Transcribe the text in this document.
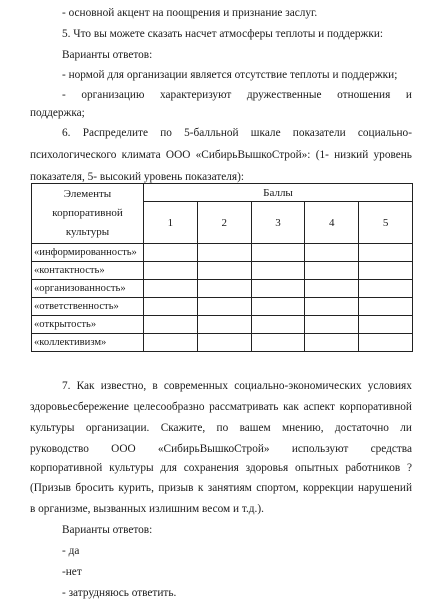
- основной акцент на поощрения и признание заслуг.
5. Что вы можете сказать насчет атмосферы теплоты и поддержки:
Варианты ответов:
- нормой для организации является отсутствие теплоты и поддержки;
- организацию характеризуют дружественные отношения и
поддержка;
6. Распределите по 5-балльной шкале показатели социально-
психологического климата ООО «СибирьВышкоСтрой»: (1- низкий уровень
Элементы
корпоративной
культуры	Баллы				
	1	2	3	4	5

«информированность»					
«контактность»					
«организованность»					
«ответственность»					
«открытость»					
«коллективизм»					
7. Как известно, в современных социально-экономических условиях
здоровьесбережение целесообразно рассматривать как аспект корпоративной
культуры организации. Скажите, по вашем мнению, достаточно ли
руководство ООО «СибирьВышкоСтрой» используют средства
корпоративной культуры для сохранения здоровья опытных работников ?
(Призыв бросить курить, призыв к занятиям спортом, коррекции нарушений
в организме, вызванных излишним весом и т.д.).
Варианты ответов:
- да
показателя, 5- высокий уровень показателя):
-нет
- затрудняюсь ответить.
